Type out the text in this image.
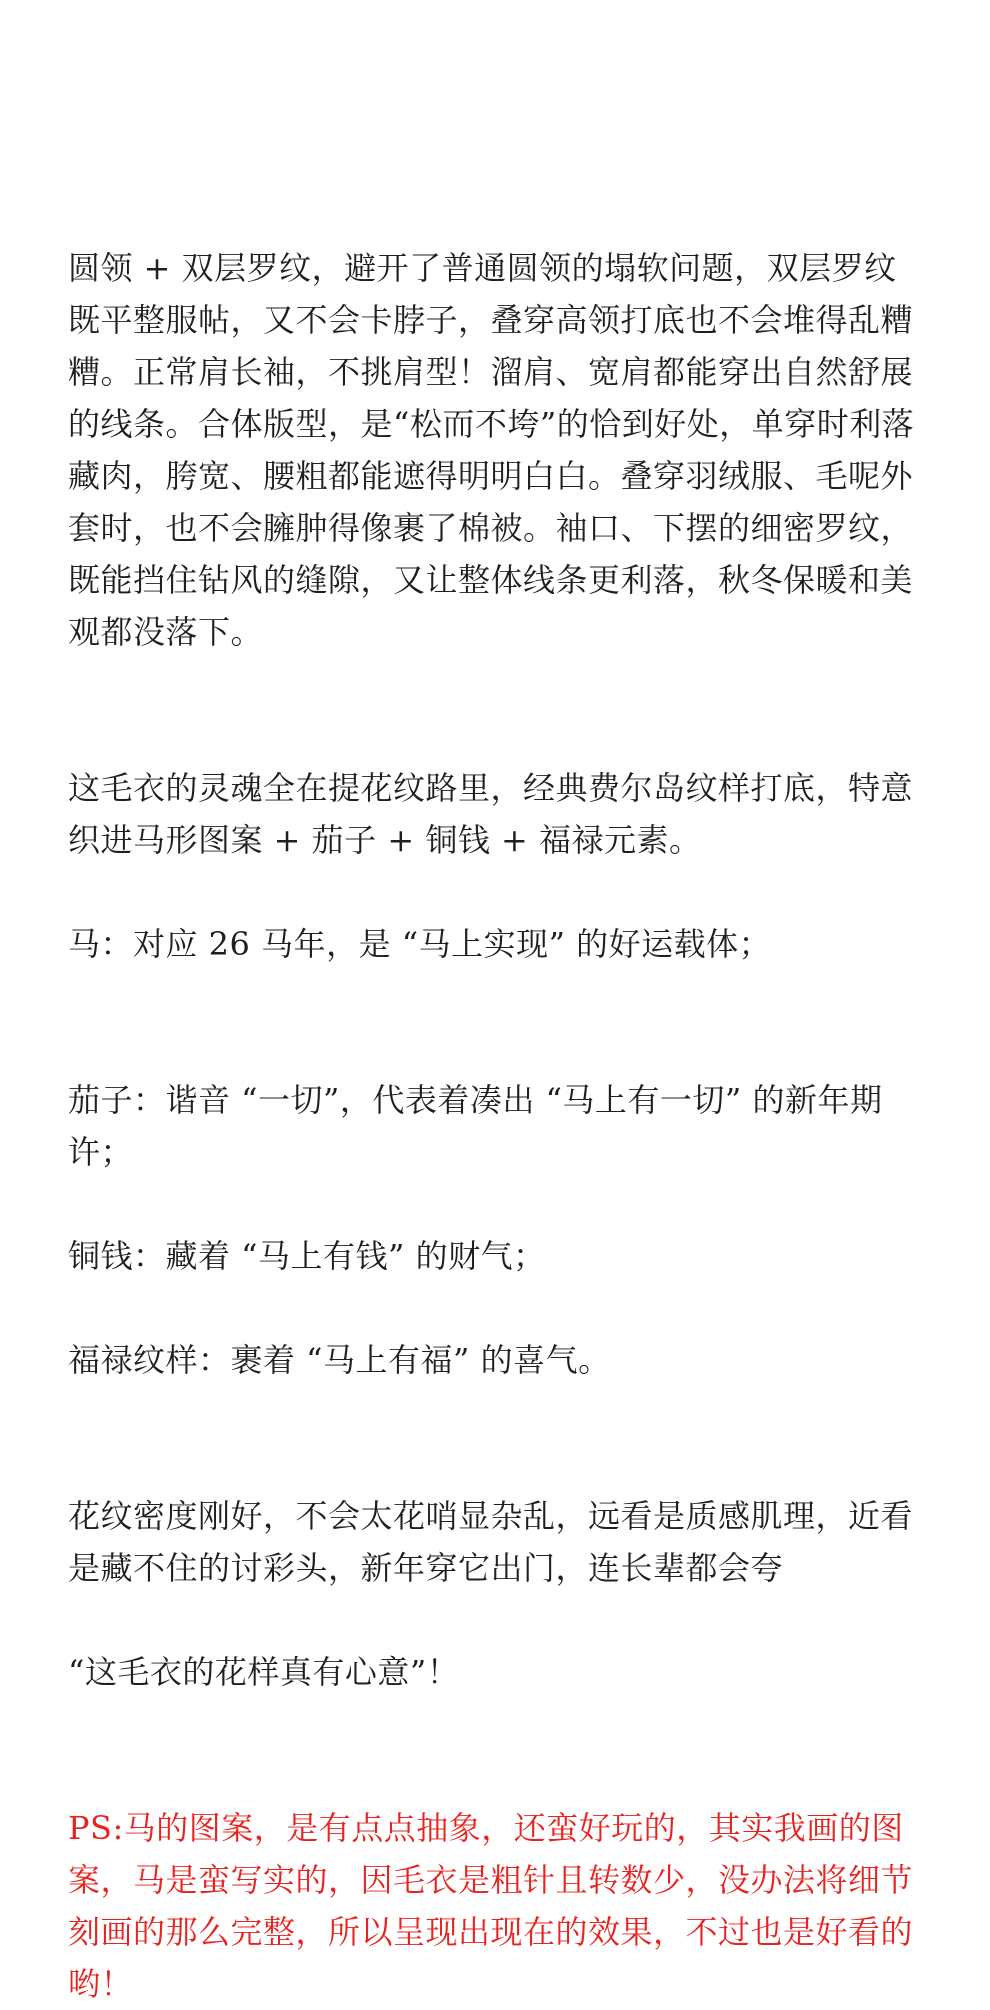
圆领 + 双层罗纹，避开了普通圆领的塌软问题，双层罗纹既平整服帖，又不会卡脖子，叠穿高领打底也不会堆得乱糟糟。正常肩长袖，不挑肩型！溜肩、宽肩都能穿出自然舒展的线条。合体版型，是“松而不垮”的恰到好处，单穿时利落藏肉，胯宽、腰粗都能遮得明明白白。叠穿羽绒服、毛呢外套时，也不会臃肿得像裹了棉被。袖口、下摆的细密罗纹，既能挡住钻风的缝隙，又让整体线条更利落，秋冬保暖和美观都没落下。

这毛衣的灵魂全在提花纹路里，经典费尔岛纹样打底，特意织进马形图案 + 茄子 + 铜钱 + 福禄元素。

马：对应 26 马年，是 “马上实现” 的好运载体；

茄子：谐音 “一切”，代表着凑出 “马上有一切” 的新年期许；

铜钱：藏着 “马上有钱” 的财气；

福禄纹样：裹着 “马上有福” 的喜气。

花纹密度刚好，不会太花哨显杂乱，远看是质感肌理，近看是藏不住的讨彩头，新年穿它出门，连长辈都会夸

“这毛衣的花样真有心意”！

PS:马的图案，是有点点抽象，还蛮好玩的，其实我画的图案，马是蛮写实的，因毛衣是粗针且转数少，没办法将细节刻画的那么完整，所以呈现出现在的效果，不过也是好看的哟！
